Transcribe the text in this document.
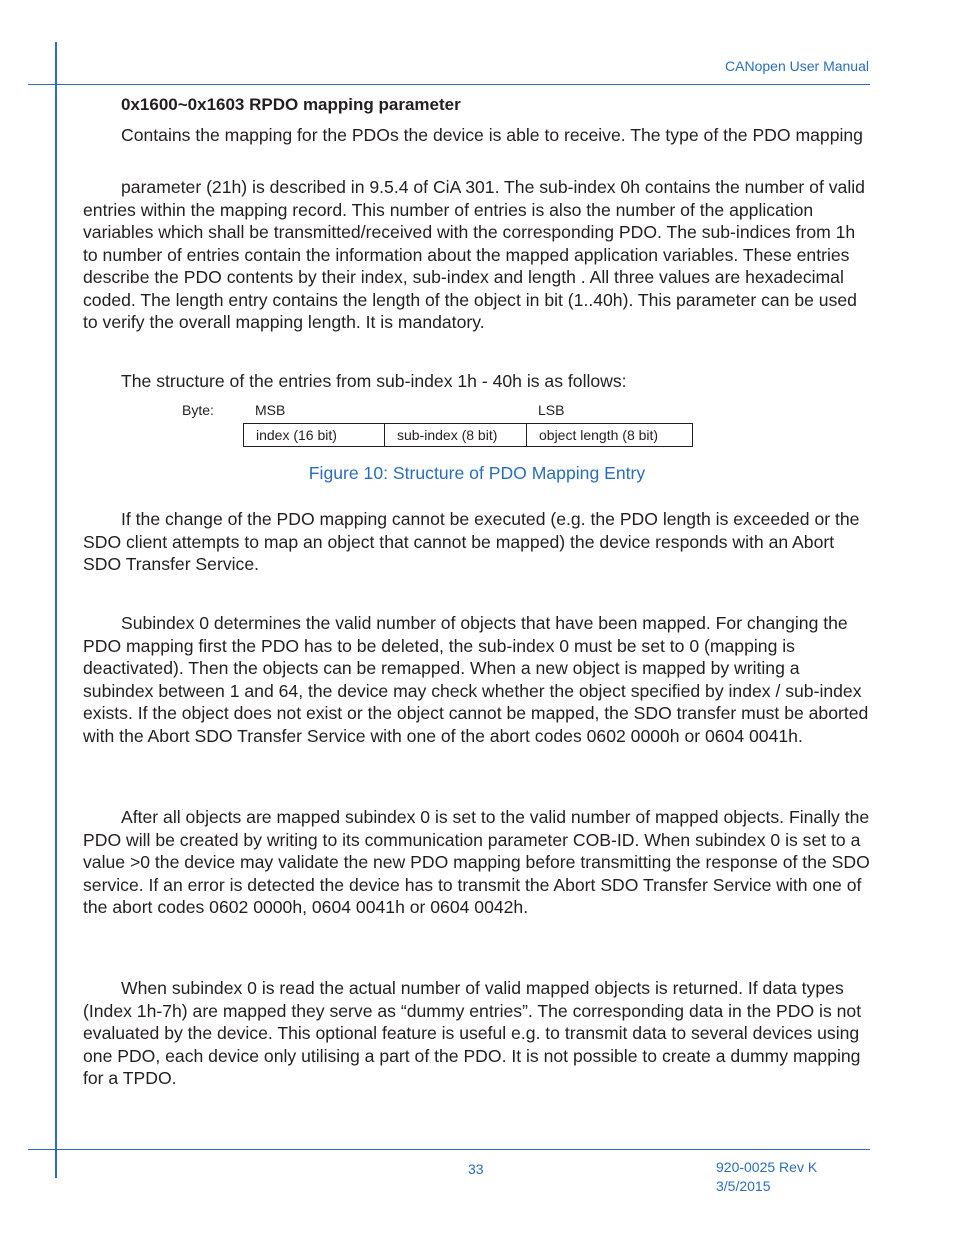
CANopen User Manual
0x1600~0x1603 RPDO mapping parameter

Contains the mapping for the PDOs the device is able to receive. The type of the PDO mapping

parameter (21h) is described in 9.5.4 of CiA 301. The sub-index 0h contains the number of valid entries within the mapping record. This number of entries is also the number of the application variables which shall be transmitted/received with the corresponding PDO. The sub-indices from 1h to number of entries contain the information about the mapped application variables. These entries describe the PDO contents by their index, sub-index and length . All three values are hexadecimal coded. The length entry contains the length of the object in bit (1..40h). This parameter can be used to verify the overall mapping length. It is mandatory.

The structure of the entries from sub-index 1h - 40h is as follows:

Byte:	MSB	LSB
index (16 bit)	sub-index (8 bit)	object length (8 bit)
Figure 10: Structure of PDO Mapping Entry

If the change of the PDO mapping cannot be executed (e.g. the PDO length is exceeded or the SDO client attempts to map an object that cannot be mapped) the device responds with an Abort SDO Transfer Service.

Subindex 0 determines the valid number of objects that have been mapped. For changing the PDO mapping first the PDO has to be deleted, the sub-index 0 must be set to 0 (mapping is deactivated). Then the objects can be remapped. When a new object is mapped by writing a subindex between 1 and 64, the device may check whether the object specified by index / sub-index exists. If the object does not exist or the object cannot be mapped, the SDO transfer must be aborted with the Abort SDO Transfer Service with one of the abort codes 0602 0000h or 0604 0041h.

After all objects are mapped subindex 0 is set to the valid number of mapped objects. Finally the PDO will be created by writing to its communication parameter COB-ID. When subindex 0 is set to a value >0 the device may validate the new PDO mapping before transmitting the response of the SDO service. If an error is detected the device has to transmit the Abort SDO Transfer Service with one of the abort codes 0602 0000h, 0604 0041h or 0604 0042h.

When subindex 0 is read the actual number of valid mapped objects is returned. If data types (Index 1h-7h) are mapped they serve as “dummy entries”. The corresponding data in the PDO is not evaluated by the device. This optional feature is useful e.g. to transmit data to several devices using one PDO, each device only utilising a part of the PDO. It is not possible to create a dummy mapping for a TPDO.

33	920-0025 Rev K
3/5/2015
